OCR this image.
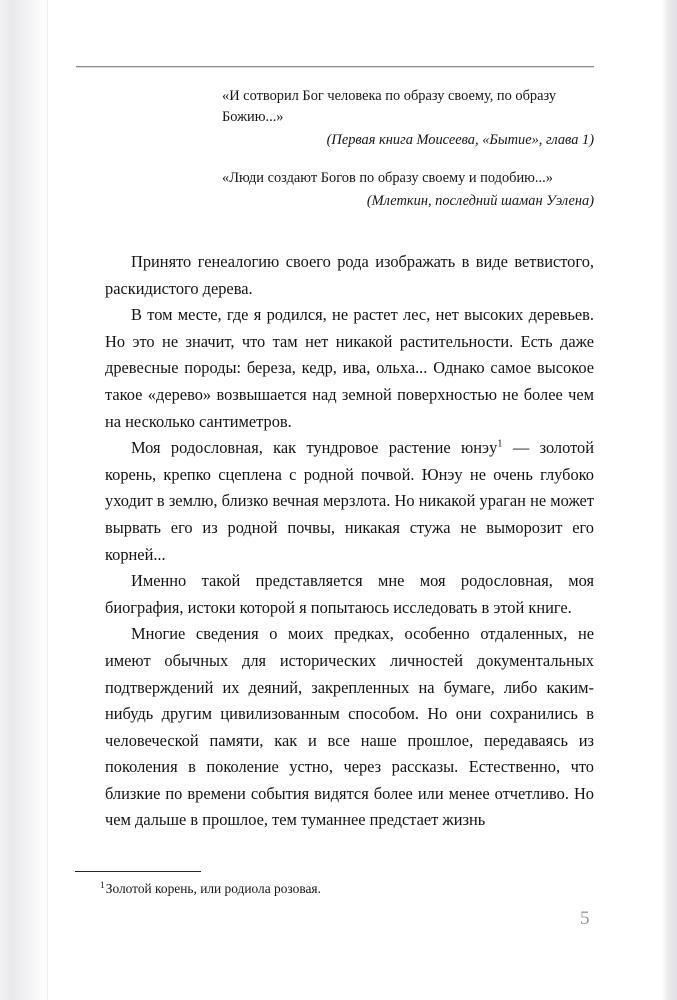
«И сотворил Бог человека по образу своему, по образу Божию...»
(Первая книга Моисеева, «Бытие», глава 1)
«Люди создают Богов по образу своему и подобию...»
(Млеткин, последний шаман Уэлена)

Принято генеалогию своего рода изображать в виде ветвистого, раскидистого дерева.

В том месте, где я родился, не растет лес, нет высоких деревьев. Но это не значит, что там нет никакой растительности. Есть даже древесные породы: береза, кедр, ива, ольха... Однако самое высокое такое «дерево» возвышается над земной поверхностью не более чем на несколько сантиметров.

Моя родословная, как тундровое растение юнэу$^1$ — золотой корень, крепко сцеплена с родной почвой. Юнэу не очень глубоко уходит в землю, близко вечная мерзлота. Но никакой ураган не может вырвать его из родной почвы, никакая стужа не выморозит его корней...

Именно такой представляется мне моя родословная, моя биография, истоки которой я попытаюсь исследовать в этой книге.

Многие сведения о моих предках, особенно отдаленных, не имеют обычных для исторических личностей документальных подтверждений их деяний, закрепленных на бумаге, либо каким-нибудь другим цивилизованным способом. Но они сохранились в человеческой памяти, как и все наше прошлое, передаваясь из поколения в поколение устно, через рассказы. Естественно, что близкие по времени события видятся более или менее отчетливо. Но чем дальше в прошлое, тем туманнее предстает жизнь

$^1$Золотой корень, или родиола розовая.
5
